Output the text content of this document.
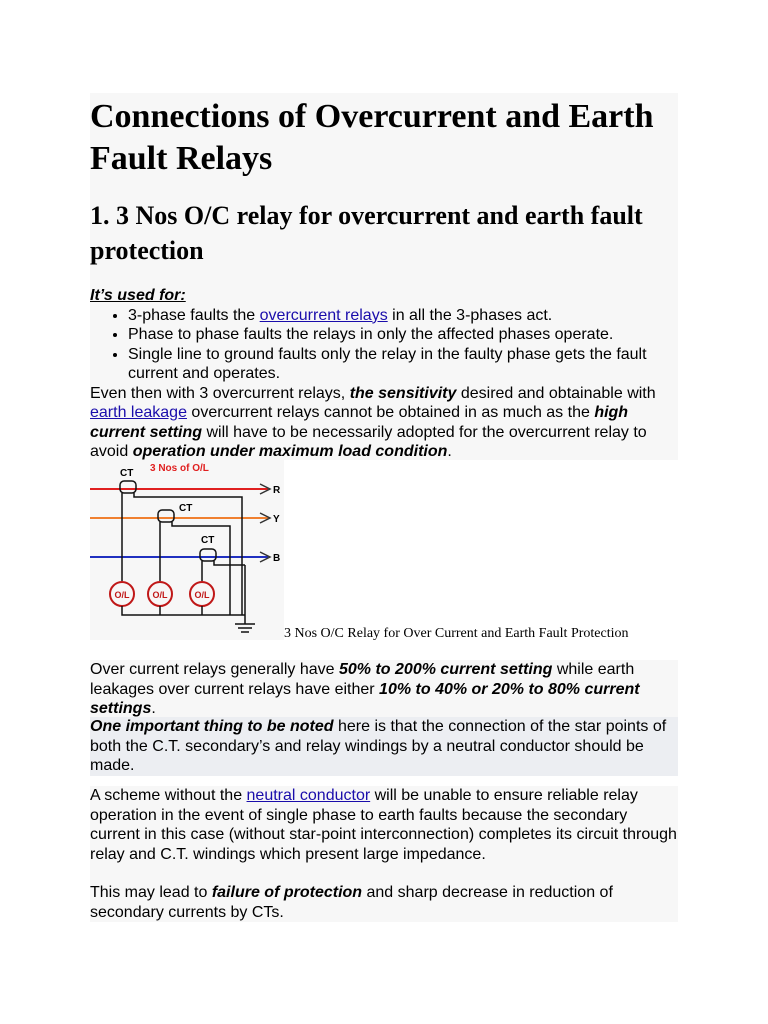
Connections of Overcurrent and Earth Fault Relays
1. 3 Nos O/C relay for overcurrent and earth fault protection

It’s used for:

• 3-phase faults the overcurrent relays in all the 3-phases act.
• Phase to phase faults the relays in only the affected phases operate.
• Single line to ground faults only the relay in the faulty phase gets the fault current and operates.

Even then with 3 overcurrent relays, the sensitivity desired and obtainable with earth leakage overcurrent relays cannot be obtained in as much as the high current setting will have to be necessarily adopted for the overcurrent relay to avoid operation under maximum load condition.

CT 3 Nos of O/L
CT
CT
R
Y
B
O/L	O/L	O/L
3 Nos O/C Relay for Over Current and Earth Fault Protection

Over current relays generally have 50% to 200% current setting while earth leakages over current relays have either 10% to 40% or 20% to 80% current settings.

One important thing to be noted here is that the connection of the star points of both the C.T. secondary’s and relay windings by a neutral conductor should be made.

A scheme without the neutral conductor will be unable to ensure reliable relay operation in the event of single phase to earth faults because the secondary current in this case (without star-point interconnection) completes its circuit through relay and C.T. windings which present large impedance.

This may lead to failure of protection and sharp decrease in reduction of secondary currents by CTs.
